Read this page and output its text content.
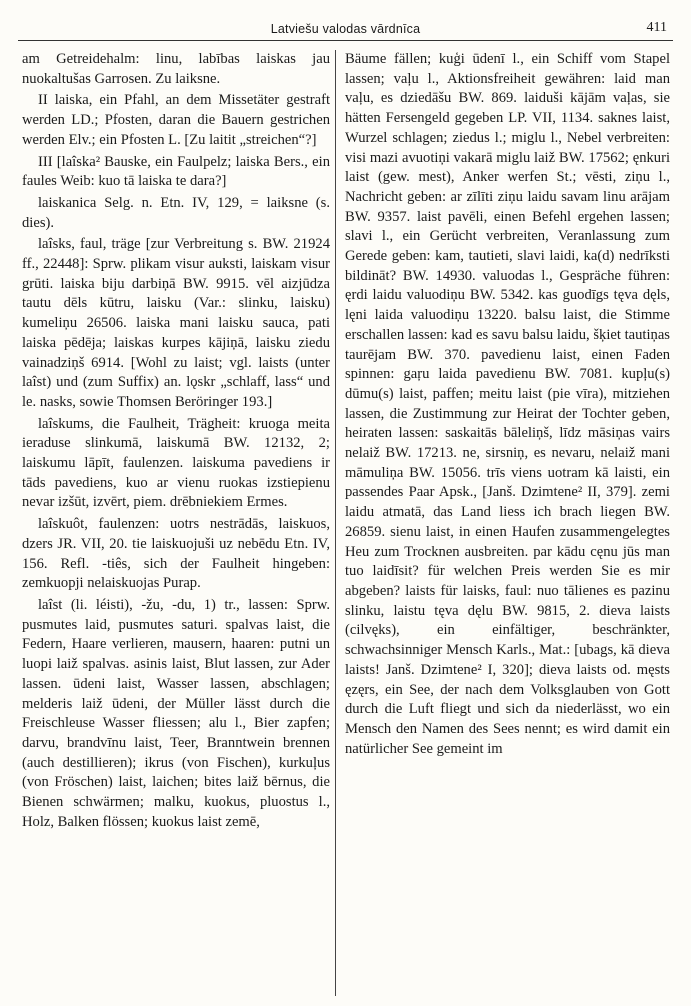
Latviešu valodas vārdnīca	411

am Getreidehalm: linu, labības laiskas jau nuokaltušas Garrosen. Zu laiksne.

II laiska, ein Pfahl, an dem Missetäter gestraft werden LD.; Pfosten, daran die Bauern gestrichen werden Elv.; ein Pfosten L. [Zu laitit „streichen“?]

III [laîska² Bauske, ein Faulpelz; laiska Bers., ein faules Weib: kuo tā laiska te dara?]

laiskanica Selg. n. Etn. IV, 129, = laiksne (s. dies).

laîsks, faul, träge [zur Verbreitung s. BW. 21924 ff., 22448]: Sprw. plikam visur auksti, laiskam visur grūti. laiska biju darbiņā BW. 9915. vēl aizjūdza tautu dēls kūtru, laisku (Var.: slinku, laisku) kumeliņu 26506. laiska mani laisku sauca, pati laiska pēdēja; laiskas kurpes kājiņā, laisku ziedu vainadziņš 6914. [Wohl zu laist; vgl. laists (unter laîst) und (zum Suffix) an. lǫskr „schlaff, lass“ und le. nasks, sowie Thomsen Beröringer 193.]

laîskums, die Faulheit, Trägheit: kruoga meita ieraduse slinkumā, laiskumā BW. 12132, 2; laiskumu lāpīt, faulenzen. laiskuma pavediens ir tāds pavediens, kuo ar vienu ruokas izstiepienu nevar izšūt, izvērt, piem. drēbniekiem Ermes.

laîskuôt, faulenzen: uotrs nestrādās, laiskuos, dzers JR. VII, 20. tie laiskuojuši uz nebēdu Etn. IV, 156. Refl. -tiês, sich der Faulheit hingeben: zemkuopji nelaiskuojas Purap.

laîst (li. léisti), -žu, -du, 1) tr., lassen: Sprw. pusmutes laid, pusmutes saturi. spalvas laist, die Federn, Haare verlieren, mausern, haaren: putni un luopi laiž spalvas. asinis laist, Blut lassen, zur Ader lassen. ūdeni laist, Wasser lassen, abschlagen; melderis laiž ūdeni, der Müller lässt durch die Freischleuse Wasser fliessen; alu l., Bier zapfen; darvu, brandvīnu laist, Teer, Branntwein brennen (auch destillieren); ikrus (von Fischen), kurkuļus (von Fröschen) laist, laichen; bites laiž bērnus, die Bienen schwärmen; malku, kuokus, pluostus l., Holz, Balken flössen; kuokus laist zemē,

Bäume fällen; kuģi ūdenī l., ein Schiff vom Stapel lassen; vaļu l., Aktionsfreiheit gewähren: laid man vaļu, es dziedāšu BW. 869. laiduši kājām vaļas, sie hätten Fersengeld gegeben LP. VII, 1134. saknes laist, Wurzel schlagen; ziedus l.; miglu l., Nebel verbreiten: visi mazi avuotiņi vakarā miglu laiž BW. 17562; ęnkuri laist (gew. mest), Anker werfen St.; vēsti, ziņu l., Nachricht geben: ar zīlīti ziņu laidu savam linu arājam BW. 9357. laist pavēli, einen Befehl ergehen lassen; slavi l., ein Gerücht verbreiten, Veranlassung zum Gerede geben: kam, tautieti, slavi laidi, ka(d) nedrīksti bildināt? BW. 14930. valuodas l., Gespräche führen: ęrdi laidu valuodiņu BW. 5342. kas guodīgs tęva dęls, lęni laida valuodiņu 13220. balsu laist, die Stimme erschallen lassen: kad es savu balsu laidu, šķiet tautiņas taurējam BW. 370. pavedienu laist, einen Faden spinnen: gaŗu laida pavedienu BW. 7081. kupļu(s) dūmu(s) laist, paffen; meitu laist (pie vīra), mitziehen lassen, die Zustimmung zur Heirat der Tochter geben, heiraten lassen: saskaitās bāleliņš, līdz māsiņas vairs nelaiž BW. 17213. ne, sirsniņ, es nevaru, nelaiž mani māmuliņa BW. 15056. trīs viens uotram kā laisti, ein passendes Paar Apsk., [Janš. Dzimtene² II, 379]. zemi laidu atmatā, das Land liess ich brach liegen BW. 26859. sienu laist, in einen Haufen zusammengelegtes Heu zum Trocknen ausbreiten. par kādu cęnu jūs man tuo laidīsit? für welchen Preis werden Sie es mir abgeben? laists für laisks, faul: nuo tālienes es pazinu slinku, laistu tęva dęlu BW. 9815, 2. dieva laists (cilvęks), ein einfältiger, beschränkter, schwachsinniger Mensch Karls., Mat.: [ubags, kā dieva laists! Janš. Dzimtene² I, 320]; dieva laists od. męsts ęzęrs, ein See, der nach dem Volksglauben von Gott durch die Luft fliegt und sich da niederlässt, wo ein Mensch den Namen des Sees nennt; es wird damit ein natürlicher See gemeint im
